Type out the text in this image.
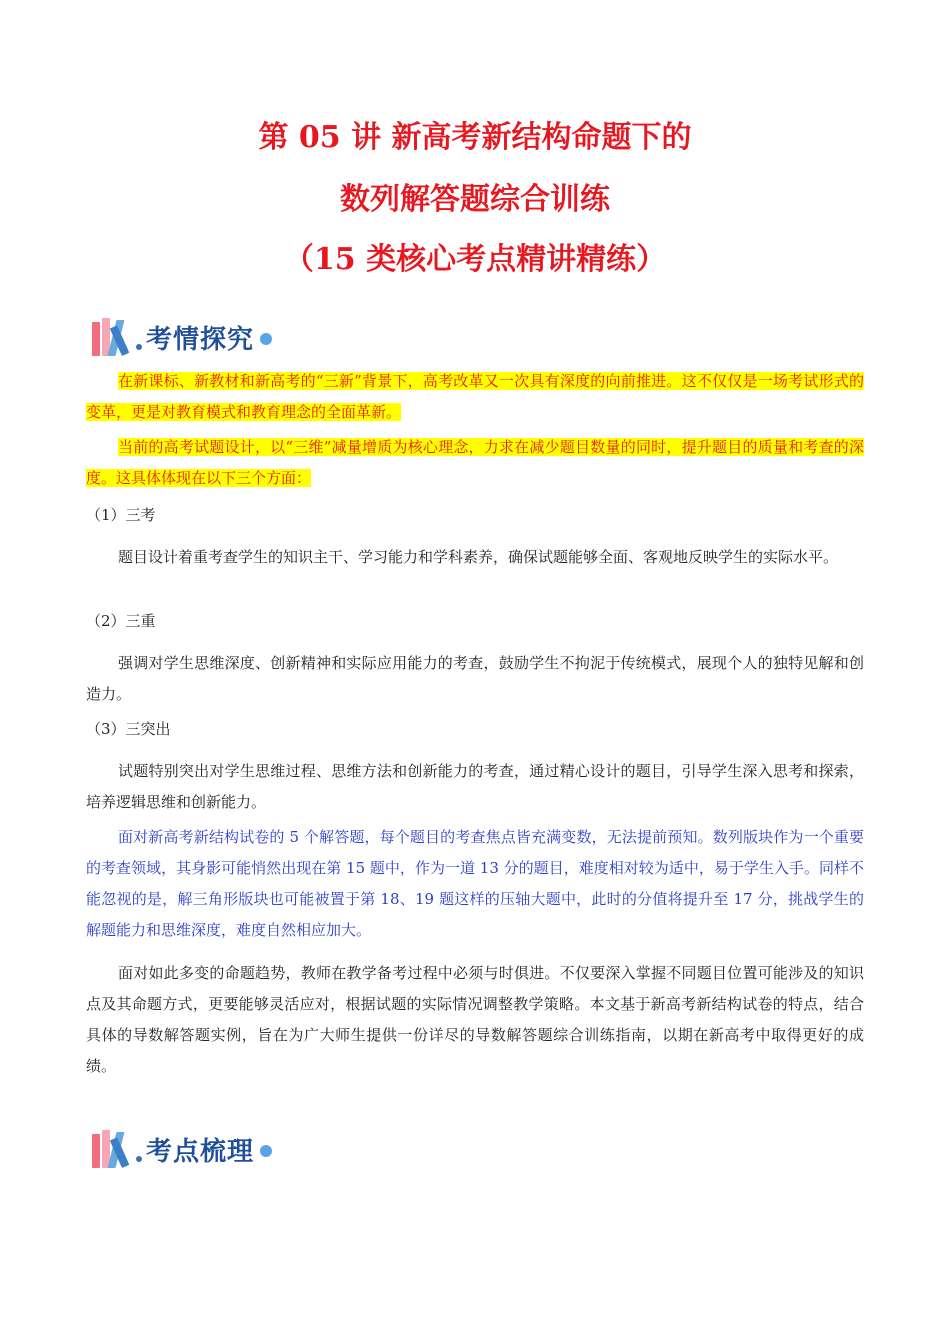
第 05 讲 新高考新结构命题下的
数列解答题综合训练
（15 类核心考点精讲精练）
考情探究

在新课标、新教材和新高考的“三新”背景下，高考改革又一次具有深度的向前推进。这不仅仅是一场考试形式的变革，更是对教育模式和教育理念的全面革新。

当前的高考试题设计，以“三维”减量增质为核心理念，力求在减少题目数量的同时，提升题目的质量和考查的深度。这具体体现在以下三个方面：

（1）三考

题目设计着重考查学生的知识主干、学习能力和学科素养，确保试题能够全面、客观地反映学生的实际水平。

（2）三重

强调对学生思维深度、创新精神和实际应用能力的考查，鼓励学生不拘泥于传统模式，展现个人的独特见解和创造力。

（3）三突出

试题特别突出对学生思维过程、思维方法和创新能力的考查，通过精心设计的题目，引导学生深入思考和探索，培养逻辑思维和创新能力。

面对新高考新结构试卷的 5 个解答题，每个题目的考查焦点皆充满变数，无法提前预知。数列版块作为一个重要的考查领域，其身影可能悄然出现在第 15 题中，作为一道 13 分的题目，难度相对较为适中，易于学生入手。同样不能忽视的是，解三角形版块也可能被置于第 18、19 题这样的压轴大题中，此时的分值将提升至 17 分，挑战学生的解题能力和思维深度，难度自然相应加大。

面对如此多变的命题趋势，教师在教学备考过程中必须与时俱进。不仅要深入掌握不同题目位置可能涉及的知识点及其命题方式，更要能够灵活应对，根据试题的实际情况调整教学策略。本文基于新高考新结构试卷的特点，结合具体的导数解答题实例，旨在为广大师生提供一份详尽的导数解答题综合训练指南，以期在新高考中取得更好的成绩。

考点梳理
